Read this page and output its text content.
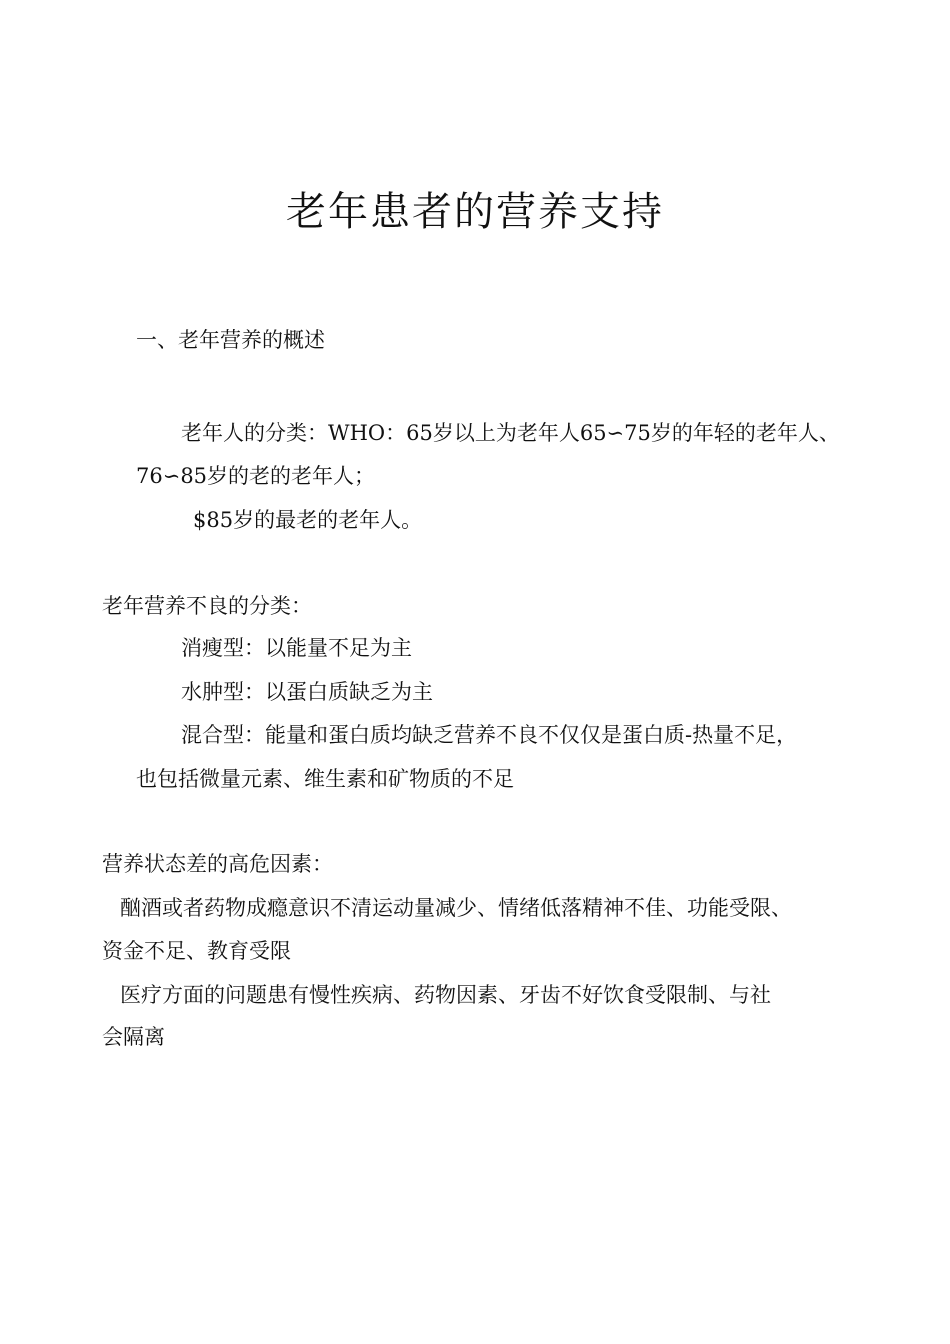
老年患者的营养支持
一、老年营养的概述
老年人的分类：WHO：65岁以上为老年人65∽75岁的年轻的老年人、
76∽85岁的老的老年人；
$85岁的最老的老年人。
老年营养不良的分类：
消瘦型：以能量不足为主
水肿型：以蛋白质缺乏为主
混合型：能量和蛋白质均缺乏营养不良不仅仅是蛋白质-热量不足，
也包括微量元素、维生素和矿物质的不足
营养状态差的高危因素：
酗酒或者药物成瘾意识不清运动量减少、情绪低落精神不佳、功能受限、
资金不足、教育受限
医疗方面的问题患有慢性疾病、药物因素、牙齿不好饮食受限制、与社
会隔离
